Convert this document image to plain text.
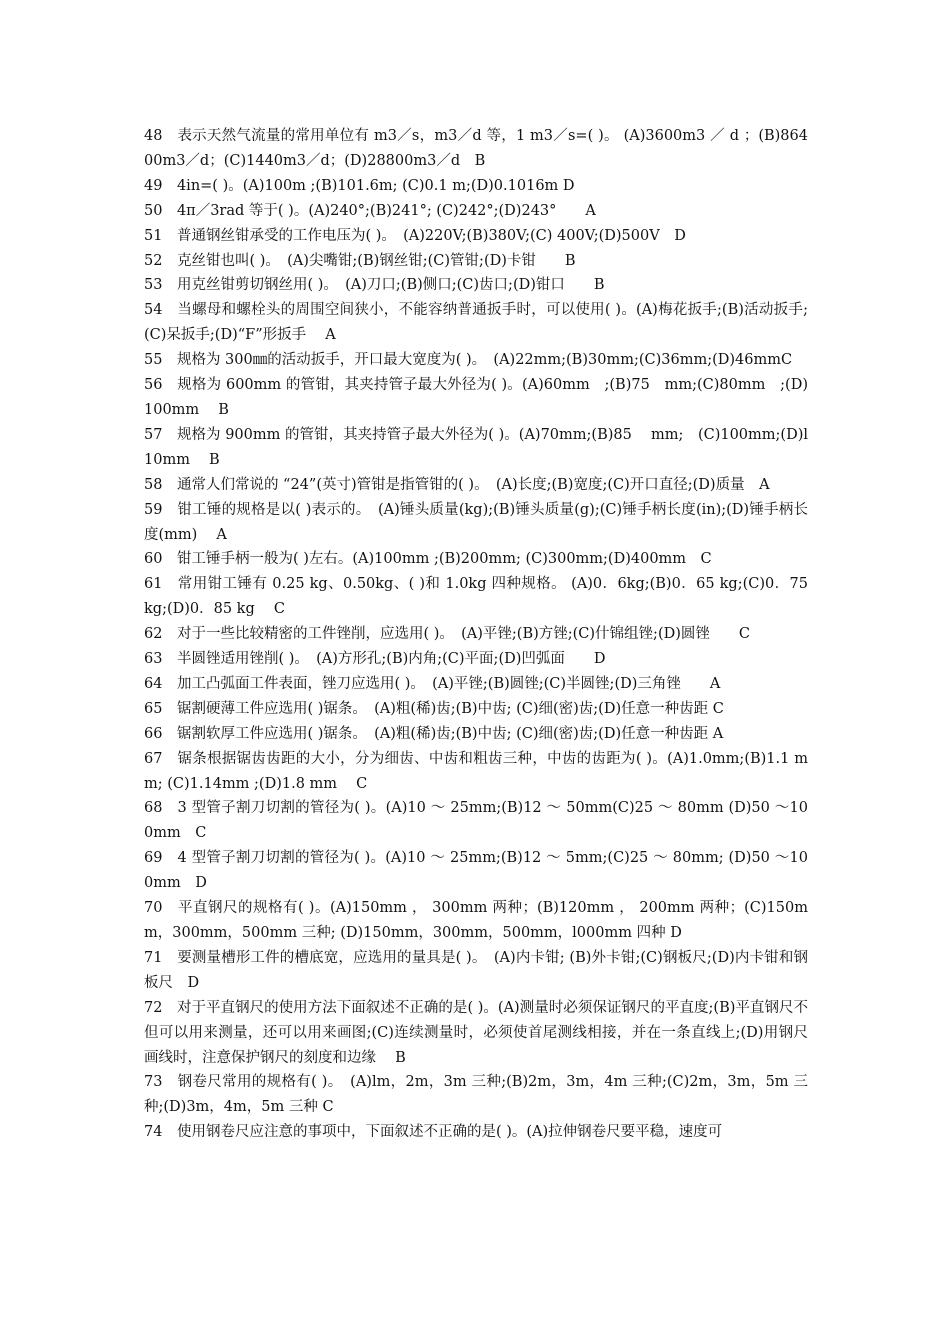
48　表示天然气流量的常用单位有 m3／s，m3／d 等，1 m3／s=( )。 (A)3600m3 ／ d ；(B)86400m3／d；(C)1440m3／d；(D)28800m3／d　B
49　4in=( )。(A)100m ;(B)101.6m; (C)0.1 m;(D)0.1016m D
50　4π／3rad 等于( )。(A)240°;(B)241°; (C)242°;(D)243°　　A
51　普通钢丝钳承受的工作电压为( )。　(A)220V;(B)380V;(C) 400V;(D)500V　D
52　克丝钳也叫( )。　(A)尖嘴钳;(B)钢丝钳;(C)管钳;(D)卡钳　　B
53　用克丝钳剪切钢丝用( )。　(A)刀口;(B)侧口;(C)齿口;(D)钳口　　B
54　当螺母和螺栓头的周围空间狭小，不能容纳普通扳手时，可以使用( )。(A)梅花扳手;(B)活动扳手;(C)呆扳手;(D)“F”形扳手　 A
55　规格为 300㎜的活动扳手，开口最大宽度为( )。　(A)22mm;(B)30mm;(C)36mm;(D)46mmC
56　规格为 600mm 的管钳，其夹持管子最大外径为( )。(A)60mm　;(B)75　mm;(C)80mm　;(D)100mm　 B
57　规格为 900mm 的管钳，其夹持管子最大外径为( )。(A)70mm;(B)85　 mm;　(C)100mm;(D)l10mm　 B
58　通常人们常说的 “24”(英寸)管钳是指管钳的( )。　(A)长度;(B)宽度;(C)开口直径;(D)质量　A
59　钳工锤的规格是以( )表示的。　(A)锤头质量(kg);(B)锤头质量(g);(C)锤手柄长度(in);(D)锤手柄长度(mm)　 A
60　钳工锤手柄一般为( )左右。(A)100mm ;(B)200mm; (C)300mm;(D)400mm　C
61　常用钳工锤有 0.25 kg、0.50kg、( )和 1.0kg 四种规格。 (A)0．6kg;(B)0．65 kg;(C)0．75 kg;(D)0．85 kg　 C
62　对于一些比较精密的工件锉削，应选用( )。　(A)平锉;(B)方锉;(C)什锦组锉;(D)圆锉　　C
63　半圆锉适用锉削( )。　(A)方形孔;(B)内角;(C)平面;(D)凹弧面　　D
64　加工凸弧面工件表面，锉刀应选用( )。　(A)平锉;(B)圆锉;(C)半圆锉;(D)三角锉　　A
65　锯割硬薄工件应选用( )锯条。　(A)粗(稀)齿;(B)中齿; (C)细(密)齿;(D)任意一种齿距 C
66　锯割软厚工件应选用( )锯条。　(A)粗(稀)齿;(B)中齿; (C)细(密)齿;(D)任意一种齿距 A
67　锯条根据锯齿齿距的大小，分为细齿、中齿和粗齿三种，中齿的齿距为( )。(A)1.0mm;(B)1.1 mm; (C)1.14mm ;(D)1.8 mm　 C
68　3 型管子割刀切割的管径为( )。(A)10 ～ 25mm;(B)12 ～ 50mm(C)25 ～ 80mm (D)50 ～100mm　C
69　4 型管子割刀切割的管径为( )。(A)10 ～ 25mm;(B)12 ～ 5mm;(C)25 ～ 80mm; (D)50 ～100mm　D
70　平直钢尺的规格有( )。(A)150mm ， 300mm 两种；(B)120mm ， 200mm 两种；(C)150mm，300mm，500mm 三种; (D)150mm，300mm，500mm，l000mm 四种 D
71　要测量槽形工件的槽底宽，应选用的量具是( )。　(A)内卡钳; (B)外卡钳;(C)钢板尺;(D)内卡钳和钢板尺　D
72　对于平直钢尺的使用方法下面叙述不正确的是( )。(A)测量时必须保证钢尺的平直度;(B)平直钢尺不但可以用来测量，还可以用来画图;(C)连续测量时，必须使首尾测线相接，并在一条直线上;(D)用钢尺画线时，注意保护钢尺的刻度和边缘　 B
73　钢卷尺常用的规格有( )。　(A)lm，2m，3m 三种;(B)2m，3m，4m 三种;(C)2m，3m，5m 三种;(D)3m，4m，5m 三种 C
74　使用钢卷尺应注意的事项中，下面叙述不正确的是( )。(A)拉伸钢卷尺要平稳，速度可
